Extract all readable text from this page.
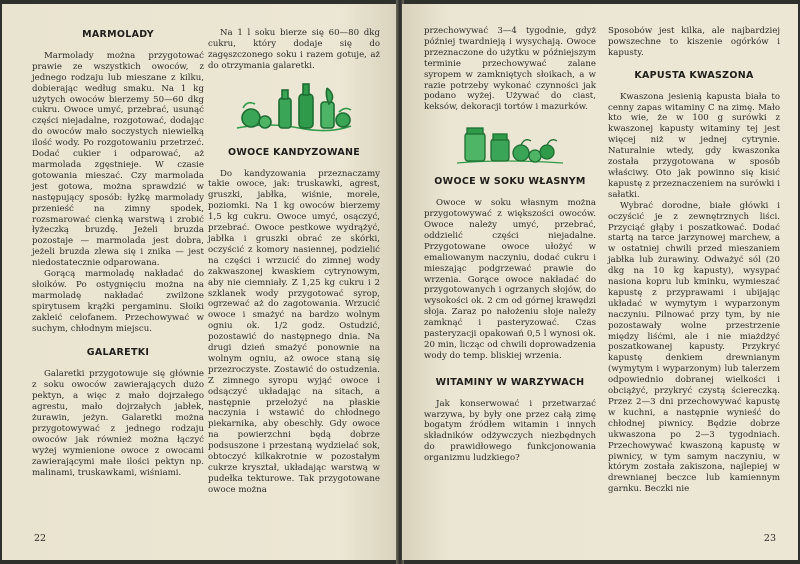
MARMOLADY

Marmolady można przygotować prawie ze wszystkich owoców, z jednego rodzaju lub mieszane z kilku, dobierając według smaku. Na 1 kg użytych owoców bierzemy 50—60 dkg cukru. Owoce umyć, przebrać, usunąć części niejadalne, rozgotować, dodając do owoców mało soczystych niewielką ilość wody. Po rozgotowaniu przetrzeć. Dodać cukier i odparować, aż marmolada zgęstnieje. W czasie gotowania mieszać. Czy marmolada jest gotowa, można sprawdzić w następujący sposób: łyżkę marmolady przenieść na zimny spodek, rozsmarować cienką warstwą i zrobić łyżeczką bruzdę. Jeżeli bruzda pozostaje — marmolada jest dobra, jeżeli bruzda zlewa się i znika — jest niedostatecznie odparowana.

Gorącą marmoladę nakładać do słoików. Po ostygnięciu można na marmoladę nakładać zwilżone spirytusem krążki pergaminu. Słoiki zakleić celofanem. Przechowywać w suchym, chłodnym miejscu.

GALARETKI

Galaretki przygotowuje się głównie z soku owoców zawierających dużo pektyn, a więc z mało dojrzałego agrestu, mało dojrzałych jabłek, żurawin, jeżyn. Galaretki można przygotowywać z jednego rodzaju owoców jak również można łączyć wyżej wymienione owoce z owocami zawierającymi małe ilości pektyn np. malinami, truskawkami, wiśniami.

Na 1 l soku bierze się 60—80 dkg cukru, który dodaje się do zagęszczonego soku i razem gotuje, aż do otrzymania galaretki.

OWOCE KANDYZOWANE

Do kandyzowania przeznaczamy takie owoce, jak: truskawki, agrest, gruszki, jabłka, wiśnie, morele, poziomki. Na 1 kg owoców bierzemy 1,5 kg cukru. Owoce umyć, osączyć, przebrać. Owoce pestkowe wydrążyć, jabłka i gruszki obrać ze skórki, oczyścić z komory nasiennej, podzielić na części i wrzucić do zimnej wody zakwaszonej kwaskiem cytrynowym, aby nie ciemniały. Z 1,25 kg cukru i 2 szklanek wody przygotować syrop, ogrzewać aż do zagotowania. Wrzucić owoce i smażyć na bardzo wolnym ogniu ok. 1/2 godz. Ostudzić, pozostawić do następnego dnia. Na drugi dzień smażyć ponownie na wolnym ogniu, aż owoce staną się przezroczyste. Zostawić do ostudzenia. Z zimnego syropu wyjąć owoce i odsączyć układając na sitach, a następnie przełożyć na płaskie naczynia i wstawić do chłodnego piekarnika, aby obeschły. Gdy owoce na powierzchni będą dobrze podsuszone i przestaną wydzielać sok, obtoczyć kilkakrotnie w pozostałym cukrze kryształ, układając warstwą w pudełka tekturowe. Tak przygotowane owoce można

22

przechowywać 3—4 tygodnie, gdyż później twardnieją i wysychają. Owoce przeznaczone do użytku w późniejszym terminie przechowywać zalane syropem w zamkniętych słoikach, a w razie potrzeby wykonać czynności jak podano wyżej. Używać do ciast, keksów, dekoracji tortów i mazurków.

OWOCE W SOKU WŁASNYM

Owoce w soku własnym można przygotowywać z większości owoców. Owoce należy umyć, przebrać, oddzielić części niejadalne. Przygotowane owoce ułożyć w emaliowanym naczyniu, dodać cukru i mieszając podgrzewać prawie do wrzenia. Gorące owoce nakładać do przygotowanych i ogrzanych słojów, do wysokości ok. 2 cm od górnej krawędzi słoja. Zaraz po nałożeniu słoje należy zamknąć i pasteryzować. Czas pasteryzacji opakowań 0,5 l wynosi ok. 20 min, licząc od chwili doprowadzenia wody do temp. bliskiej wrzenia.

WITAMINY W WARZYWACH

Jak konserwować i przetwarzać warzywa, by były one przez całą zimę bogatym źródłem witamin i innych składników odżywczych niezbędnych do prawidłowego funkcjonowania organizmu ludzkiego?

Sposobów jest kilka, ale najbardziej powszechne to kiszenie ogórków i kapusty.

KAPUSTA KWASZONA

Kwaszona jesienią kapusta biała to cenny zapas witaminy C na zimę. Mało kto wie, że w 100 g surówki z kwaszonej kapusty witaminy tej jest więcej niż w jednej cytrynie. Naturalnie wtedy, gdy kwaszonka została przygotowana w sposób właściwy. Oto jak powinno się kisić kapustę z przeznaczeniem na surówki i sałatki.

Wybrać dorodne, białe główki i oczyścić je z zewnętrznych liści. Przyciąć głąby i poszatkować. Dodać startą na tarce jarzynowej marchew, a w ostatniej chwili przed mieszaniem jabłka lub żurawiny. Odważyć sól (20 dkg na 10 kg kapusty), wysypać nasiona kopru lub kminku, wymieszać kapustę z przyprawami i ubijając układać w wymytym i wyparzonym naczyniu. Pilnować przy tym, by nie pozostawały wolne przestrzenie między liśćmi, ale i nie miażdżyć poszatkowanej kapusty. Przykryć kapustę denkiem drewnianym (wymytym i wyparzonym) lub talerzem odpowiednio dobranej wielkości i obciążyć, przykryć czystą ściereczką. Przez 2—3 dni przechowywać kapustę w kuchni, a następnie wynieść do chłodnej piwnicy. Będzie dobrze ukwaszona po 2—3 tygodniach. Przechowywać kwaszoną kapustę w piwnicy, w tym samym naczyniu, w którym została zakiszona, najlepiej w drewnianej beczce lub kamiennym garnku. Beczki nie

23
